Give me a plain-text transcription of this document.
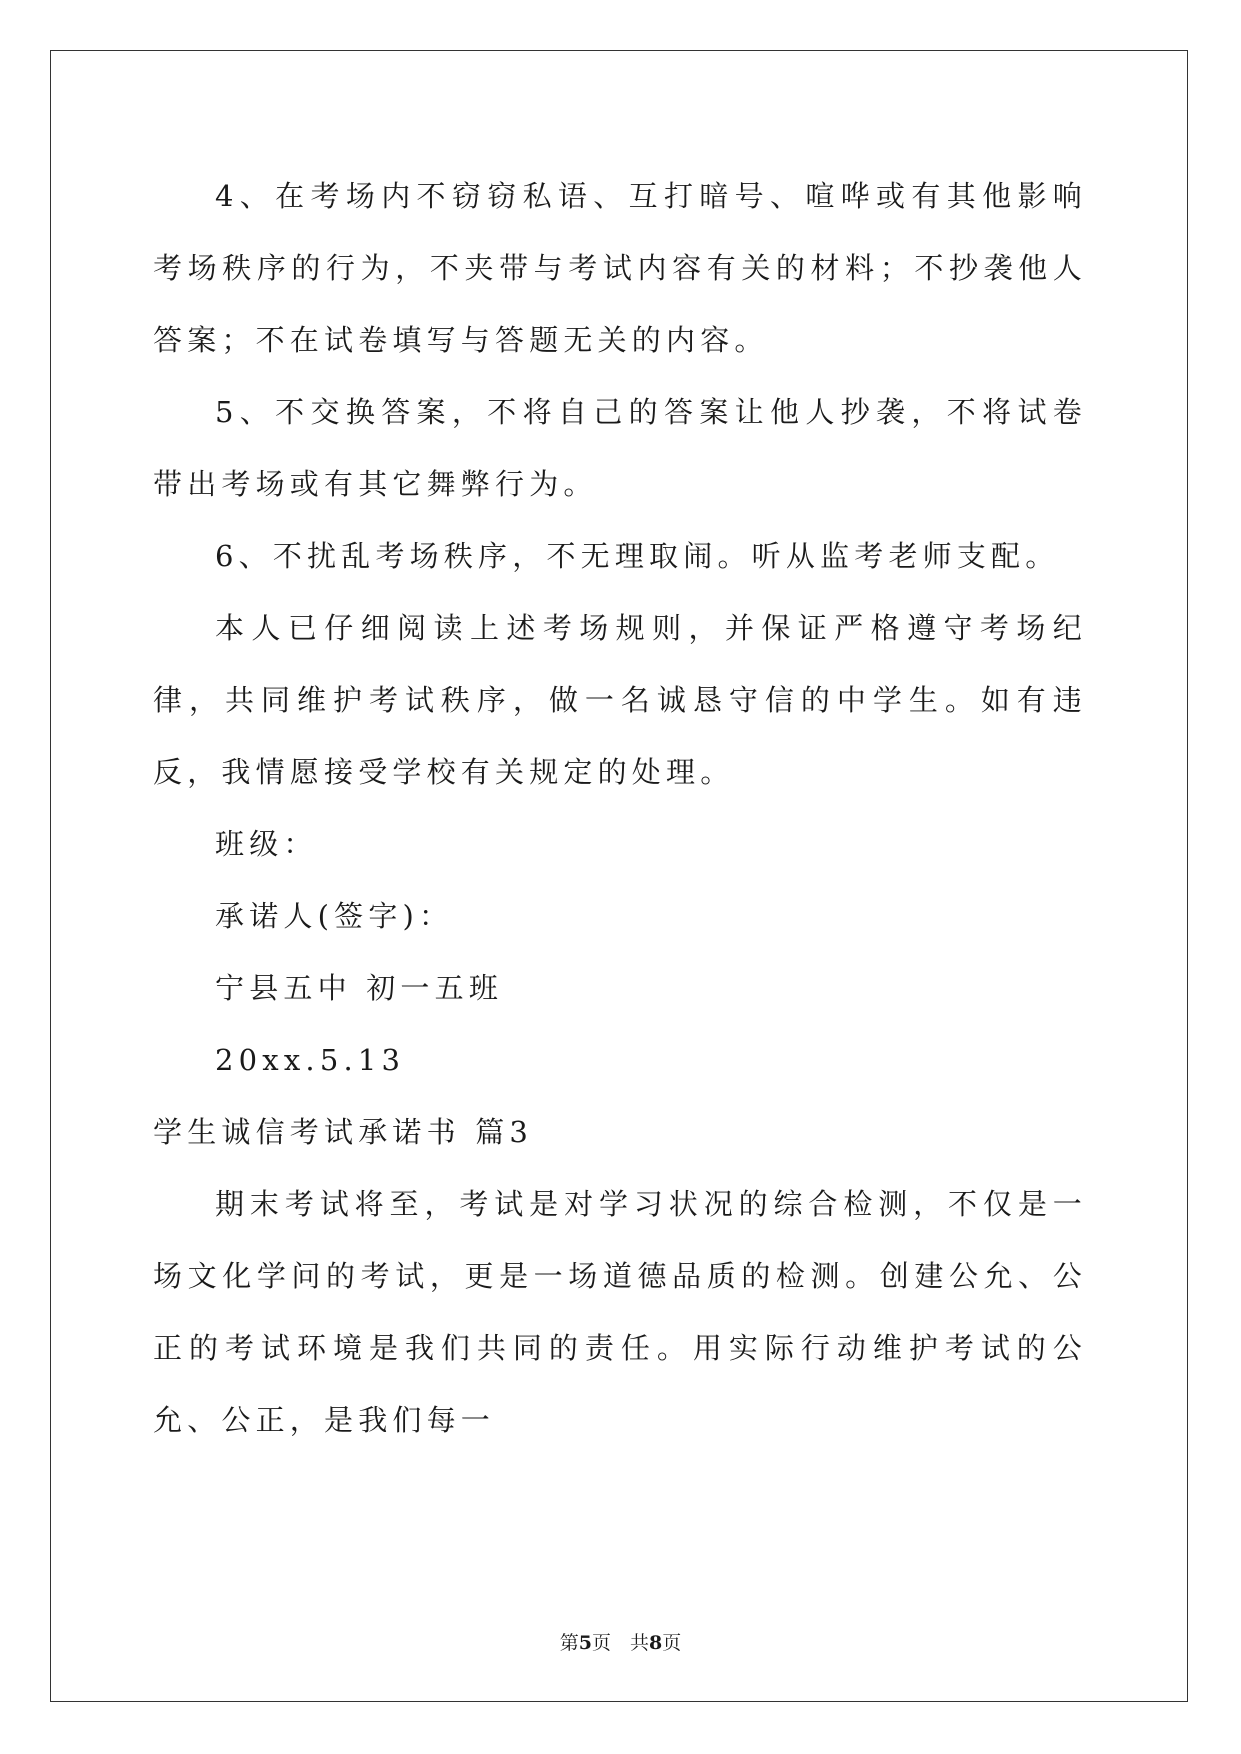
4、在考场内不窃窃私语、互打暗号、喧哗或有其他影响考场秩序的行为，不夹带与考试内容有关的材料；不抄袭他人答案；不在试卷填写与答题无关的内容。

5、不交换答案，不将自己的答案让他人抄袭，不将试卷带出考场或有其它舞弊行为。

6、不扰乱考场秩序，不无理取闹。听从监考老师支配。

本人已仔细阅读上述考场规则，并保证严格遵守考场纪律，共同维护考试秩序，做一名诚恳守信的中学生。如有违反，我情愿接受学校有关规定的处理。

班级：

承诺人(签字)：

宁县五中 初一五班

20xx.5.13

学生诚信考试承诺书 篇3

期末考试将至，考试是对学习状况的综合检测，不仅是一场文化学问的考试，更是一场道德品质的检测。创建公允、公正的考试环境是我们共同的责任。用实际行动维护考试的公允、公正，是我们每一

第5页　共8页
